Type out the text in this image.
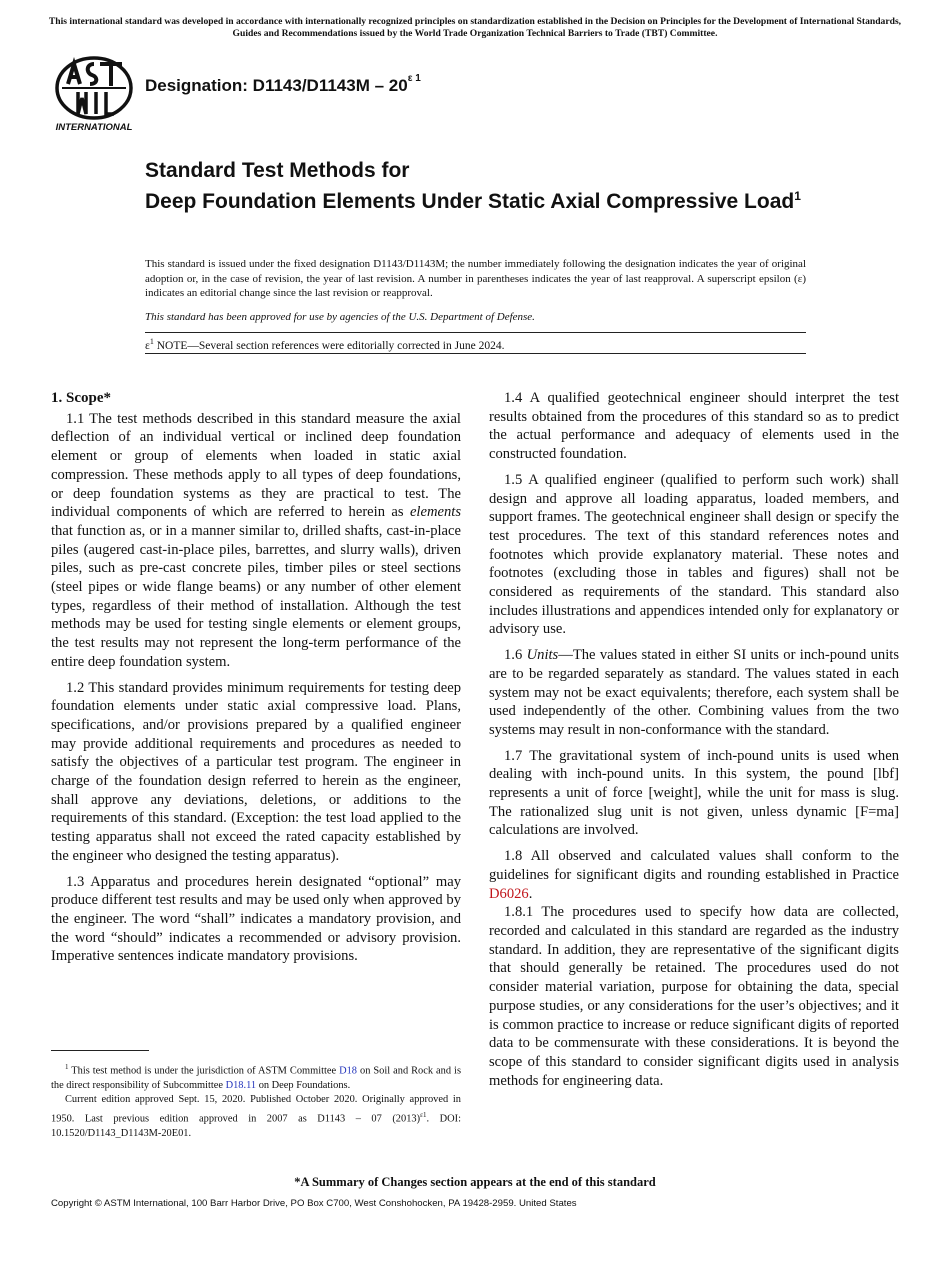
This international standard was developed in accordance with internationally recognized principles on standardization established in the Decision on Principles for the Development of International Standards, Guides and Recommendations issued by the World Trade Organization Technical Barriers to Trade (TBT) Committee.
INTERNATIONAL
Designation: $D1143/D1143M - 20^{\varepsilon 1}$
Standard Test Methods for
Deep Foundation Elements Under Static Axial Compressive Load$^1$
This standard is issued under the fixed designation D1143/D1143M; the number immediately following the designation indicates the year of original adoption or, in the case of revision, the year of last revision. A number in parentheses indicates the year of last reapproval. A superscript epsilon (ε) indicates an editorial change since the last revision or reapproval.
This standard has been approved for use by agencies of the U.S. Department of Defense.
$\varepsilon^1$ NOTE—Several section references were editorially corrected in June 2024.
1. Scope*

1.1 The test methods described in this standard measure the axial deflection of an individual vertical or inclined deep foundation element or group of elements when loaded in static axial compression. These methods apply to all types of deep foundations, or deep foundation systems as they are practical to test. The individual components of which are referred to herein as elements that function as, or in a manner similar to, drilled shafts, cast-in-place piles (augered cast-in-place piles, barrettes, and slurry walls), driven piles, such as pre-cast concrete piles, timber piles or steel sections (steel pipes or wide flange beams) or any number of other element types, regardless of their method of installation. Although the test methods may be used for testing single elements or element groups, the test results may not represent the long-term performance of the entire deep foundation system.

1.2 This standard provides minimum requirements for testing deep foundation elements under static axial compressive load. Plans, specifications, and/or provisions prepared by a qualified engineer may provide additional requirements and procedures as needed to satisfy the objectives of a particular test program. The engineer in charge of the foundation design referred to herein as the engineer, shall approve any deviations, deletions, or additions to the requirements of this standard. (Exception: the test load applied to the testing apparatus shall not exceed the rated capacity established by the engineer who designed the testing apparatus).

1.3 Apparatus and procedures herein designated “optional” may produce different test results and may be used only when approved by the engineer. The word “shall” indicates a mandatory provision, and the word “should” indicates a recommended or advisory provision. Imperative sentences indicate mandatory provisions.

1.4 A qualified geotechnical engineer should interpret the test results obtained from the procedures of this standard so as to predict the actual performance and adequacy of elements used in the constructed foundation.

1.5 A qualified engineer (qualified to perform such work) shall design and approve all loading apparatus, loaded members, and support frames. The geotechnical engineer shall design or specify the test procedures. The text of this standard references notes and footnotes which provide explanatory material. These notes and footnotes (excluding those in tables and figures) shall not be considered as requirements of the standard. This standard also includes illustrations and appendices intended only for explanatory or advisory use.

1.6 Units—The values stated in either SI units or inch-pound units are to be regarded separately as standard. The values stated in each system may not be exact equivalents; therefore, each system shall be used independently of the other. Combining values from the two systems may result in non-conformance with the standard.

1.7 The gravitational system of inch-pound units is used when dealing with inch-pound units. In this system, the pound [lbf] represents a unit of force [weight], while the unit for mass is slug. The rationalized slug unit is not given, unless dynamic [F=ma] calculations are involved.

1.8 All observed and calculated values shall conform to the guidelines for significant digits and rounding established in Practice D6026.

1.8.1 The procedures used to specify how data are collected, recorded and calculated in this standard are regarded as the industry standard. In addition, they are representative of the significant digits that should generally be retained. The procedures used do not consider material variation, purpose for obtaining the data, special purpose studies, or any considerations for the user’s objectives; and it is common practice to increase or reduce significant digits of reported data to be commensurate with these considerations. It is beyond the scope of this standard to consider significant digits used in analysis methods for engineering data.

$^1$ This test method is under the jurisdiction of ASTM Committee D18 on Soil and Rock and is the direct responsibility of Subcommittee D18.11 on Deep Foundations.

Current edition approved Sept. 15, 2020. Published October 2020. Originally approved in 1950. Last previous edition approved in 2007 as D1143 – 07 $(2013)^{\varepsilon 1}$. DOI: 10.1520/D1143_D1143M-20E01.

*A Summary of Changes section appears at the end of this standard
Copyright © ASTM International, 100 Barr Harbor Drive, PO Box C700, West Conshohocken, PA 19428-2959. United States
